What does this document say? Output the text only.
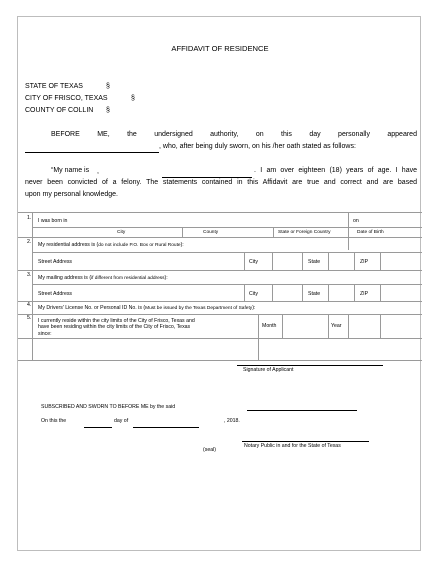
AFFIDAVIT OF RESIDENCE
STATE OF TEXAS	§
CITY OF FRISCO, TEXAS	§
COUNTY OF COLLIN §
BEFORE ME, the undersigned authority, on this day personally appeared
, who, after being duly sworn, on his /her oath stated as follows:
“My name is ,	. I am over eighteen (18) years of age. I have
never been convicted of a felony. The statements contained in this Affidavit are true and correct and are based
upon my personal knowledge.
1. I was born in	on
City	County	State or Foreign Country	Date of Birth
2. My residential address is (do not include P.O. Box or Rural Route):
Street Address	City	State	ZIP
3. My mailing address is (if different from residential address):
Street Address	City	State	ZIP
4. My Drivers' License No. or Personal ID No. is (Must be issued by the Texas Department of Safety):
5. I currently reside within the city limits of the City of Frisco, Texas and
have been residing within the city limits of the City of Frisco, Texas
since:
Month	Year
Signature of Applicant
SUBSCRIBED AND SWORN TO BEFORE ME by the said
On this the	day of	, 2018.
(seal)
Notary Public in and for the State of Texas
